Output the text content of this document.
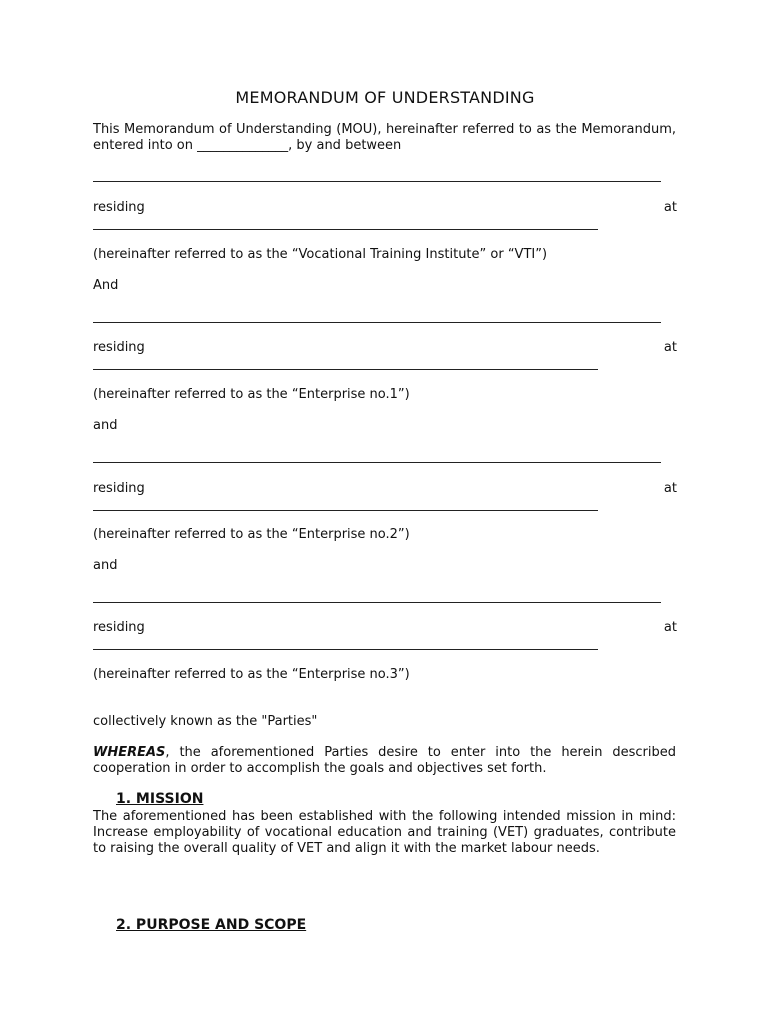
MEMORANDUM OF UNDERSTANDING
This Memorandum of Understanding (MOU), hereinafter referred to as the Memorandum, entered into on ______________, by and between
residing	at
(hereinafter referred to as the “Vocational Training Institute” or “VTI”)
And
residing	at
(hereinafter referred to as the “Enterprise no.1”)
and
residing	at
(hereinafter referred to as the “Enterprise no.2”)
and
residing	at
(hereinafter referred to as the “Enterprise no.3”)
collectively known as the "Parties"
WHEREAS, the aforementioned Parties desire to enter into the herein described cooperation in order to accomplish the goals and objectives set forth.
1. MISSION
The aforementioned has been established with the following intended mission in mind: Increase employability of vocational education and training (VET) graduates, contribute to raising the overall quality of VET and align it with the market labour needs.
2. PURPOSE AND SCOPE
